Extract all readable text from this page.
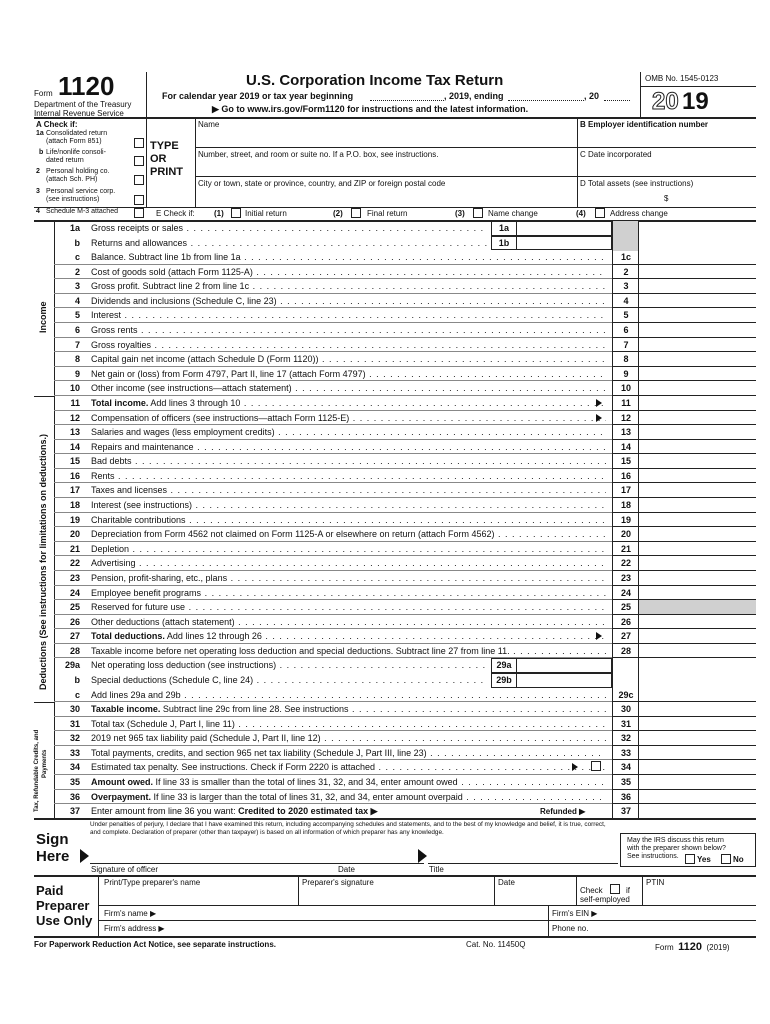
Form 1120
Department of the Treasury
Internal Revenue Service
U.S. Corporation Income Tax Return
For calendar year 2019 or tax year beginning	, 2019, ending	, 20
▶ Go to www.irs.gov/Form1120 for instructions and the latest information.
OMB No. 1545-0123
20 19
A Check if:
1a Consolidated return
(attach Form 851)
b Life/nonlife consoli-
dated return
2 Personal holding co.
(attach Sch. PH)
3 Personal service corp.
(see instructions)
4 Schedule M-3 attached
TYPE
OR
PRINT
Name
Number, street, and room or suite no. If a P.O. box, see instructions.
City or town, state or province, country, and ZIP or foreign postal code
B Employer identification number
C Date incorporated
D Total assets (see instructions)
$
E Check if: (1)	Initial return	(2)	Final return	(3)	Name change	(4)	Address change
Income
Deductions (See instructions for limitations on deductions.)
Tax, Refundable Credits, and Payments
1a Gross receipts or sales . . .	1a
b Returns and allowances . . .	1b
c Balance. Subtract line 1b from line 1a . . .	1c
2 Cost of goods sold (attach Form 1125-A) . . .	2
3 Gross profit. Subtract line 2 from line 1c . . .	3
4 Dividends and inclusions (Schedule C, line 23) . . .	4
5 Interest . . .	5
6 Gross rents . . .	6
7 Gross royalties . . .	7
8 Capital gain net income (attach Schedule D (Form 1120)) . . .	8
9 Net gain or (loss) from Form 4797, Part II, line 17 (attach Form 4797) . . .	9
10 Other income (see instructions—attach statement) . . .	10
11 Total income. Add lines 3 through 10 . . .	11
12 Compensation of officers (see instructions—attach Form 1125-E) . . .	12
13 Salaries and wages (less employment credits) . . .	13
14 Repairs and maintenance . . .	14
15 Bad debts . . .	15
16 Rents . . .	16
17 Taxes and licenses . . .	17
18 Interest (see instructions) . . .	18
19 Charitable contributions . . .	19
20 Depreciation from Form 4562 not claimed on Form 1125-A or elsewhere on return (attach Form 4562) . . .	20
21 Depletion . . .	21
22 Advertising . . .	22
23 Pension, profit-sharing, etc., plans . . .	23
24 Employee benefit programs . . .	24
25 Reserved for future use . . .	25
26 Other deductions (attach statement) . . .	26
27 Total deductions. Add lines 12 through 26 . . .	27
28 Taxable income before net operating loss deduction and special deductions. Subtract line 27 from line 11. . . .	28
29a Net operating loss deduction (see instructions) . . .	29a
b Special deductions (Schedule C, line 24) . . .	29b
c Add lines 29a and 29b . . .	29c
30 Taxable income. Subtract line 29c from line 28. See instructions . . .	30
31 Total tax (Schedule J, Part I, line 11) . . .	31
32 2019 net 965 tax liability paid (Schedule J, Part II, line 12) . . .	32
33 Total payments, credits, and section 965 net tax liability (Schedule J, Part III, line 23) . . .	33
34 Estimated tax penalty. See instructions. Check if Form 2220 is attached . . .	34
35 Amount owed. If line 33 is smaller than the total of lines 31, 32, and 34, enter amount owed . . .	35
36 Overpayment. If line 33 is larger than the total of lines 31, 32, and 34, enter amount overpaid . . .	36
37 Enter amount from line 36 you want: Credited to 2020 estimated tax ▶	Refunded ▶	37
Sign
Here
Under penalties of perjury, I declare that I have examined this return, including accompanying schedules and statements, and to the best of my knowledge and belief, it is true, correct,
and complete. Declaration of preparer (other than taxpayer) is based on all information of which preparer has any knowledge.
Signature of officer	Date	Title
May the IRS discuss this return
with the preparer shown below?
See instructions. Yes	No
Paid
Preparer
Use Only
Print/Type preparer's name	Preparer's signature	Date
Check	if
self-employed
PTIN
Firm's name ▶	Firm's EIN ▶
Firm's address ▶	Phone no.
For Paperwork Reduction Act Notice, see separate instructions.	Cat. No. 11450Q	Form 1120 (2019)
